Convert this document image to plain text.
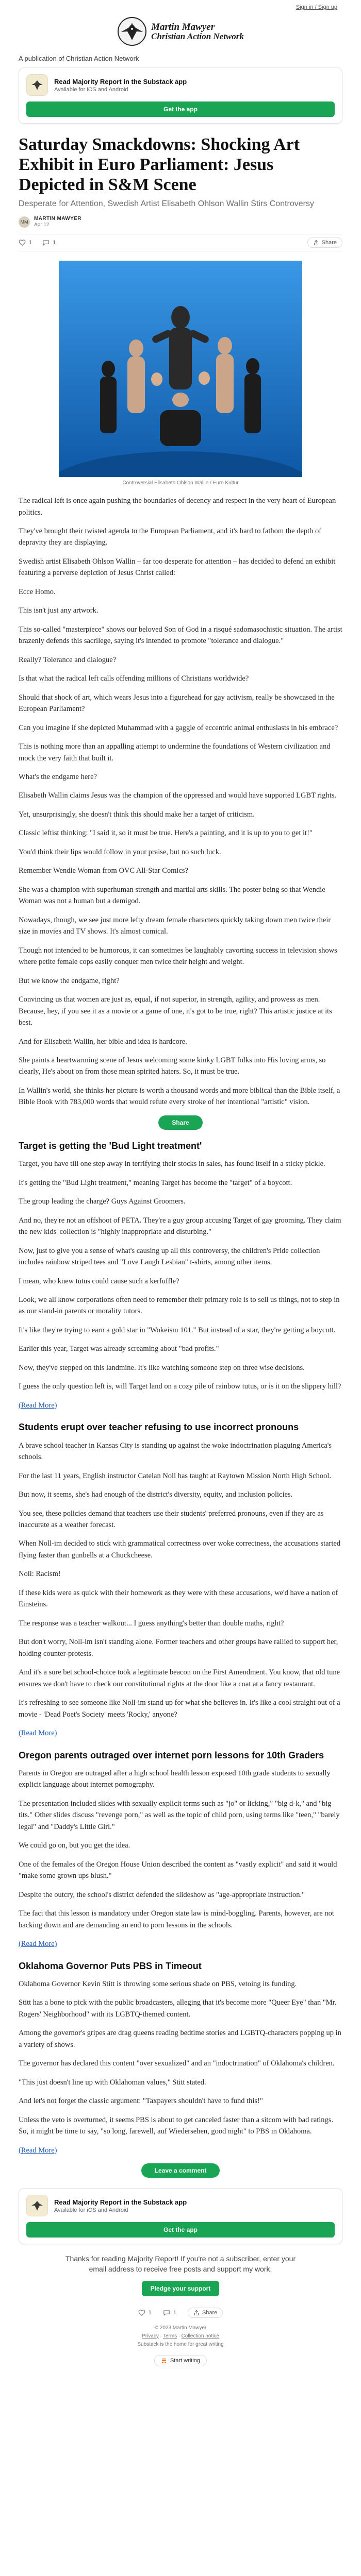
Sign in / Sign up
Martin Mawyer
Christian Action Network
A publication of Christian Action Network
Read Majority Report in the Substack app
Available for iOS and Android
Get the app
Saturday Smackdowns: Shocking Art Exhibit in Euro Parliament: Jesus Depicted in S&M Scene
Desperate for Attention, Swedish Artist Elisabeth Ohlson Wallin Stirs Controversy
MM
MARTIN MAWYER
Apr 12
1	1	Share
Controversial Elisabeth Ohlson Wallin / Euro Kultur

The radical left is once again pushing the boundaries of decency and respect in the very heart of European politics.

They've brought their twisted agenda to the European Parliament, and it's hard to fathom the depth of depravity they are displaying.

Swedish artist Elisabeth Ohlson Wallin – far too desperate for attention – has decided to defend an exhibit featuring a perverse depiction of Jesus Christ called:

Ecce Homo.

This isn't just any artwork.

This so-called "masterpiece" shows our beloved Son of God in a risqué sadomasochistic situation. The artist brazenly defends this sacrilege, saying it's intended to promote "tolerance and dialogue."

Really? Tolerance and dialogue?

Is that what the radical left calls offending millions of Christians worldwide?

Should that shock of art, which wears Jesus into a figurehead for gay activism, really be showcased in the European Parliament?

Can you imagine if she depicted Muhammad with a gaggle of eccentric animal enthusiasts in his embrace?

This is nothing more than an appalling attempt to undermine the foundations of Western civilization and mock the very faith that built it.

What's the endgame here?

Elisabeth Wallin claims Jesus was the champion of the oppressed and would have supported LGBT rights.

Yet, unsurprisingly, she doesn't think this should make her a target of criticism.

Classic leftist thinking: "I said it, so it must be true. Here's a painting, and it is up to you to get it!"

You'd think their lips would follow in your praise, but no such luck.

Remember Wendie Woman from OVC All-Star Comics?

She was a champion with superhuman strength and martial arts skills. The poster being so that Wendie Woman was not a human but a demigod.

Nowadays, though, we see just more lefty dream female characters quickly taking down men twice their size in movies and TV shows. It's almost comical.

Though not intended to be humorous, it can sometimes be laughably cavorting success in television shows where petite female cops easily conquer men twice their height and weight.

But we know the endgame, right?

Convincing us that women are just as, equal, if not superior, in strength, agility, and prowess as men. Because, hey, if you see it as a movie or a game of one, it's got to be true, right? This artistic justice at its best.

And for Elisabeth Wallin, her bible and idea is hardcore.

She paints a heartwarming scene of Jesus welcoming some kinky LGBT folks into His loving arms, so clearly, He's about on from those mean spirited haters. So, it must be true.

In Wallin's world, she thinks her picture is worth a thousand words and more biblical than the Bible itself, a Bible Book with 783,000 words that would refute every stroke of her intentional "artistic" vision.

Share
Target is getting the 'Bud Light treatment'

Target, you have till one step away in terrifying their stocks in sales, has found itself in a sticky pickle.

It's getting the "Bud Light treatment," meaning Target has become the "target" of a boycott.

The group leading the charge? Guys Against Groomers.

And no, they're not an offshoot of PETA. They're a guy group accusing Target of gay grooming. They claim the new kids' collection is "highly inappropriate and disturbing."

Now, just to give you a sense of what's causing up all this controversy, the children's Pride collection includes rainbow striped tees and "Love Laugh Lesbian" t-shirts, among other items.

I mean, who knew tutus could cause such a kerfuffle?

Look, we all know corporations often need to remember their primary role is to sell us things, not to step in as our stand-in parents or morality tutors.

It's like they're trying to earn a gold star in "Wokeism 101." But instead of a star, they're getting a boycott.

Earlier this year, Target was already screaming about "bad profits."

Now, they've stepped on this landmine. It's like watching someone step on three wise decisions.

I guess the only question left is, will Target land on a cozy pile of rainbow tutus, or is it on the slippery hill?

(Read More)

Students erupt over teacher refusing to use incorrect pronouns

A brave school teacher in Kansas City is standing up against the woke indoctrination plaguing America's schools.

For the last 11 years, English instructor Catelan Noll has taught at Raytown Mission North High School.

But now, it seems, she's had enough of the district's diversity, equity, and inclusion policies.

You see, these policies demand that teachers use their students' preferred pronouns, even if they are as inaccurate as a weather forecast.

When Noll-im decided to stick with grammatical correctness over woke correctness, the accusations started flying faster than gunbells at a Chuckcheese.

Noll: Racism!

If these kids were as quick with their homework as they were with these accusations, we'd have a nation of Einsteins.

The response was a teacher walkout... I guess anything's better than double maths, right?

But don't worry, Noll-im isn't standing alone. Former teachers and other groups have rallied to support her, holding counter-protests.

And it's a sure bet school-choice took a legitimate beacon on the First Amendment. You know, that old tune ensures we don't have to check our constitutional rights at the door like a coat at a fancy restaurant.

It's refreshing to see someone like Noll-im stand up for what she believes in. It's like a cool straight out of a movie - 'Dead Poet's Society' meets 'Rocky,' anyone?

(Read More)

Oregon parents outraged over internet porn lessons for 10th Graders

Parents in Oregon are outraged after a high school health lesson exposed 10th grade students to sexually explicit language about internet pornography.

The presentation included slides with sexually explicit terms such as "jo" or licking," "big d-k," and "big tits." Other slides discuss "revenge porn," as well as the topic of child porn, using terms like "teen," "barely legal" and "Daddy's Little Girl."

We could go on, but you get the idea.

One of the females of the Oregon House Union described the content as "vastly explicit" and said it would "make some grown ups blush."

Despite the outcry, the school's district defended the slideshow as "age-appropriate instruction."

The fact that this lesson is mandatory under Oregon state law is mind-boggling. Parents, however, are not backing down and are demanding an end to porn lessons in the schools.

(Read More)

Oklahoma Governor Puts PBS in Timeout

Oklahoma Governor Kevin Stitt is throwing some serious shade on PBS, vetoing its funding.

Stitt has a bone to pick with the public broadcasters, alleging that it's become more "Queer Eye" than "Mr. Rogers' Neighborhood" with its LGBTQ-themed content.

Among the governor's gripes are drag queens reading bedtime stories and LGBTQ-characters popping up in a variety of shows.

The governor has declared this content "over sexualized" and an "indoctrination" of Oklahoma's children.

"This just doesn't line up with Oklahoman values," Stitt stated.

And let's not forget the classic argument: "Taxpayers shouldn't have to fund this!"

Unless the veto is overturned, it seems PBS is about to get canceled faster than a sitcom with bad ratings. So, it might be time to say, "so long, farewell, auf Wiedersehen, good night" to PBS in Oklahoma.

(Read More)

Leave a comment
Read Majority Report in the Substack app
Available for iOS and Android
Get the app
Thanks for reading Majority Report! If you're not a subscriber, enter your email address to receive free posts and support my work.
Pledge your support
1	1	Share
© 2023 Martin Mawyer
Privacy ∙ Terms ∙ Collection notice
Substack is the home for great writing
Start writing
